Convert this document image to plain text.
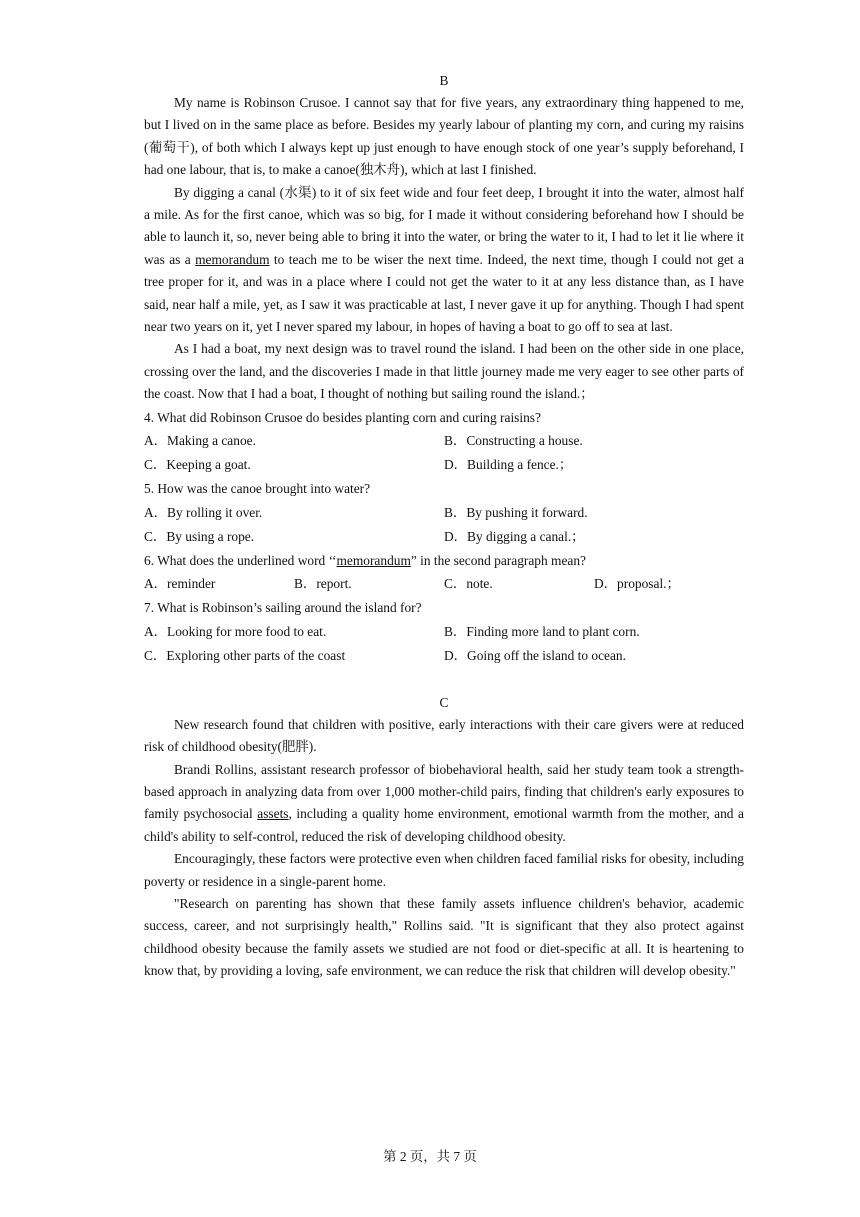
B

My name is Robinson Crusoe. I cannot say that for five years, any extraordinary thing happened to me, but I lived on in the same place as before. Besides my yearly labour of planting my corn, and curing my raisins (葡萄干), of both which I always kept up just enough to have enough stock of one year’s supply beforehand, I had one labour, that is, to make a canoe(独木舟), which at last I finished.

By digging a canal (水渠) to it of six feet wide and four feet deep, I brought it into the water, almost half a mile. As for the first canoe, which was so big, for I made it without considering beforehand how I should be able to launch it, so, never being able to bring it into the water, or bring the water to it, I had to let it lie where it was as a memorandum to teach me to be wiser the next time. Indeed, the next time, though I could not get a tree proper for it, and was in a place where I could not get the water to it at any less distance than, as I have said, near half a mile, yet, as I saw it was practicable at last, I never gave it up for anything. Though I had spent near two years on it, yet I never spared my labour, in hopes of having a boat to go off to sea at last.

As I had a boat, my next design was to travel round the island. I had been on the other side in one place, crossing over the land, and the discoveries I made in that little journey made me very eager to see other parts of the coast. Now that I had a boat, I thought of nothing but sailing round the island.；

4. What did Robinson Crusoe do besides planting corn and curing raisins?
A．Making a canoe.	B．Constructing a house.
C．Keeping a goat.	D．Building a fence.；
5. How was the canoe brought into water?
A．By rolling it over.	B．By pushing it forward.
C．By using a rope.	D．By digging a canal.；
6. What does the underlined word ‘‘memorandum” in the second paragraph mean?
A．reminder	B．report.	C．note.	D．proposal.；
7. What is Robinson’s sailing around the island for?
A．Looking for more food to eat.	B．Finding more land to plant corn.
C．Exploring other parts of the coast	D．Going off the island to ocean.
C

New research found that children with positive, early interactions with their care givers were at reduced risk of childhood obesity(肥胖).

Brandi Rollins, assistant research professor of biobehavioral health, said her study team took a strength-based approach in analyzing data from over 1,000 mother-child pairs, finding that children's early exposures to family psychosocial assets, including a quality home environment, emotional warmth from the mother, and a child's ability to self-control, reduced the risk of developing childhood obesity.

Encouragingly, these factors were protective even when children faced familial risks for obesity, including poverty or residence in a single-parent home.

"Research on parenting has shown that these family assets influence children's behavior, academic success, career, and not surprisingly health," Rollins said. "It is significant that they also protect against childhood obesity because the family assets we studied are not food or diet-specific at all. It is heartening to know that, by providing a loving, safe environment, we can reduce the risk that children will develop obesity."

第 2 页，共 7 页
